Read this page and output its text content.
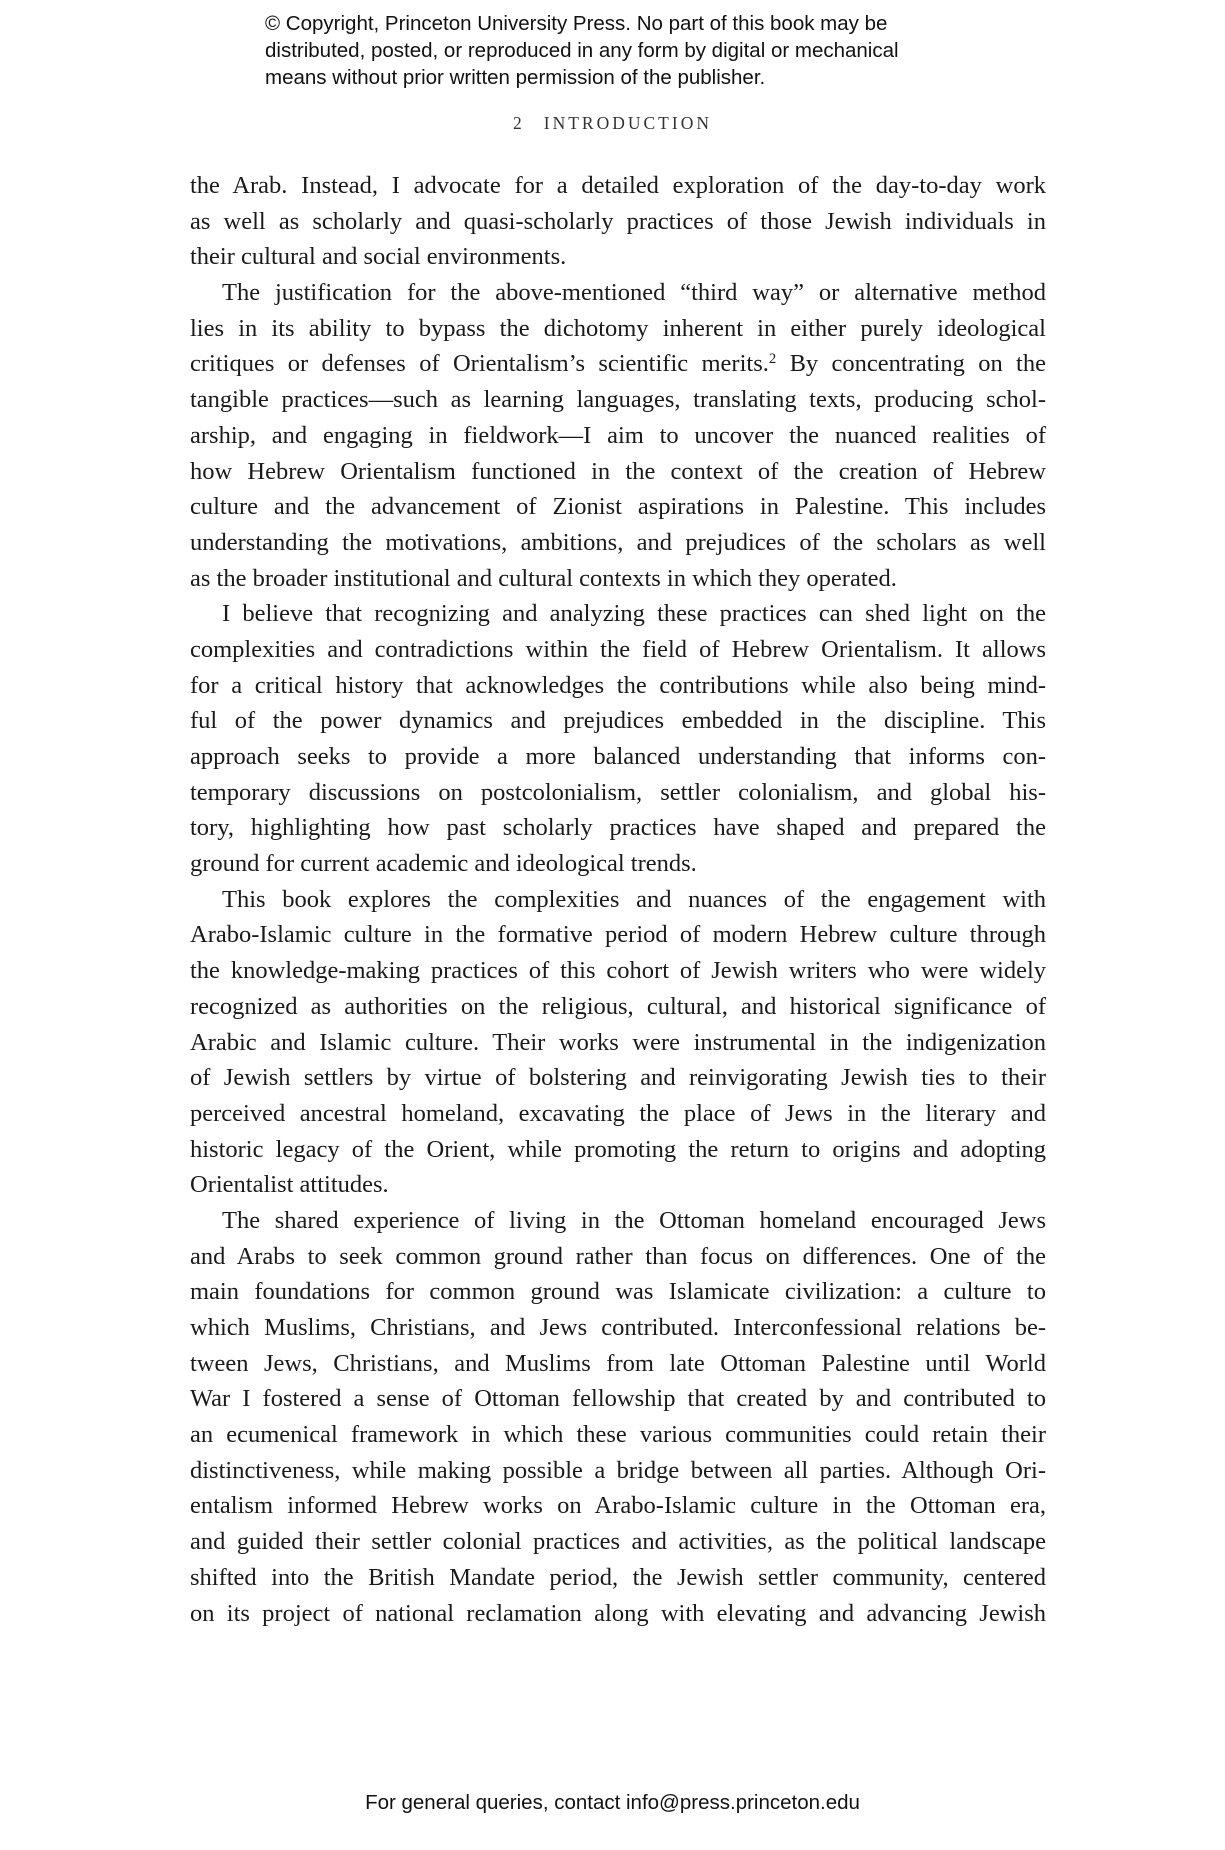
© Copyright, Princeton University Press. No part of this book may be
distributed, posted, or reproduced in any form by digital or mechanical
means without prior written permission of the publisher.
2 INTRODUCTION
the Arab. Instead, I advocate for a detailed exploration of the day-to-day work
as well as scholarly and quasi-scholarly practices of those Jewish individuals in
their cultural and social environments.
The justification for the above-mentioned “third way” or alternative method
lies in its ability to bypass the dichotomy inherent in either purely ideological
critiques or defenses of Orientalism’s scientific merits.$^2$ By concentrating on the
tangible practices—such as learning languages, translating texts, producing schol-
arship, and engaging in fieldwork—I aim to uncover the nuanced realities of
how Hebrew Orientalism functioned in the context of the creation of Hebrew
culture and the advancement of Zionist aspirations in Palestine. This includes
understanding the motivations, ambitions, and prejudices of the scholars as well
as the broader institutional and cultural contexts in which they operated.
I believe that recognizing and analyzing these practices can shed light on the
complexities and contradictions within the field of Hebrew Orientalism. It allows
for a critical history that acknowledges the contributions while also being mind-
ful of the power dynamics and prejudices embedded in the discipline. This
approach seeks to provide a more balanced understanding that informs con-
temporary discussions on postcolonialism, settler colonialism, and global his-
tory, highlighting how past scholarly practices have shaped and prepared the
ground for current academic and ideological trends.
This book explores the complexities and nuances of the engagement with
Arabo-Islamic culture in the formative period of modern Hebrew culture through
the knowledge-making practices of this cohort of Jewish writers who were widely
recognized as authorities on the religious, cultural, and historical significance of
Arabic and Islamic culture. Their works were instrumental in the indigenization
of Jewish settlers by virtue of bolstering and reinvigorating Jewish ties to their
perceived ancestral homeland, excavating the place of Jews in the literary and
historic legacy of the Orient, while promoting the return to origins and adopting
Orientalist attitudes.
The shared experience of living in the Ottoman homeland encouraged Jews
and Arabs to seek common ground rather than focus on differences. One of the
main foundations for common ground was Islamicate civilization: a culture to
which Muslims, Christians, and Jews contributed. Interconfessional relations be-
tween Jews, Christians, and Muslims from late Ottoman Palestine until World
War I fostered a sense of Ottoman fellowship that created by and contributed to
an ecumenical framework in which these various communities could retain their
distinctiveness, while making possible a bridge between all parties. Although Ori-
entalism informed Hebrew works on Arabo-Islamic culture in the Ottoman era,
and guided their settler colonial practices and activities, as the political landscape
shifted into the British Mandate period, the Jewish settler community, centered
on its project of national reclamation along with elevating and advancing Jewish
For general queries, contact info@press.princeton.edu
